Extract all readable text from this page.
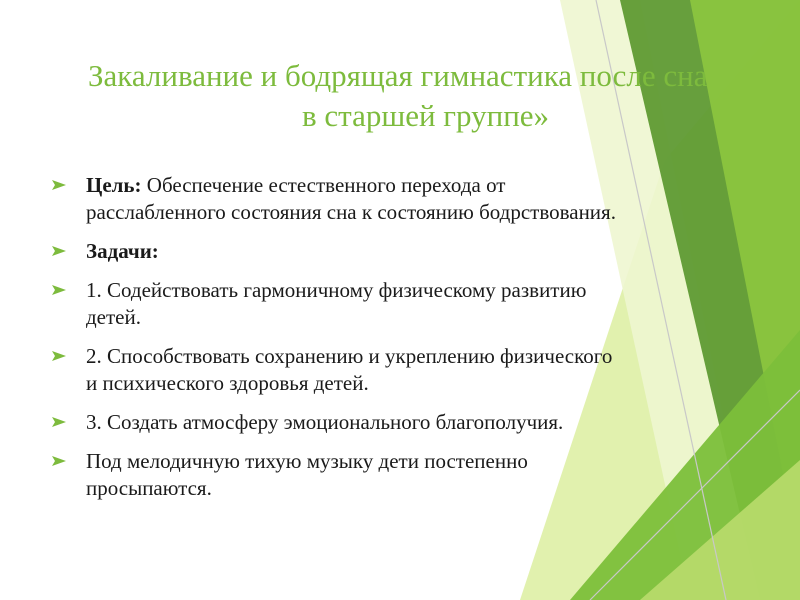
Закаливание и бодрящая гимнастика после сна
в старшей группе»
Цель: Обеспечение естественного перехода от расслабленного состояния сна к состоянию бодрствования.
Задачи:
1. Содействовать гармоничному физическому развитию детей.
2. Способствовать сохранению и укреплению физического и психического здоровья детей.
3. Создать атмосферу эмоционального благополучия.
Под мелодичную тихую музыку дети постепенно просыпаются.
